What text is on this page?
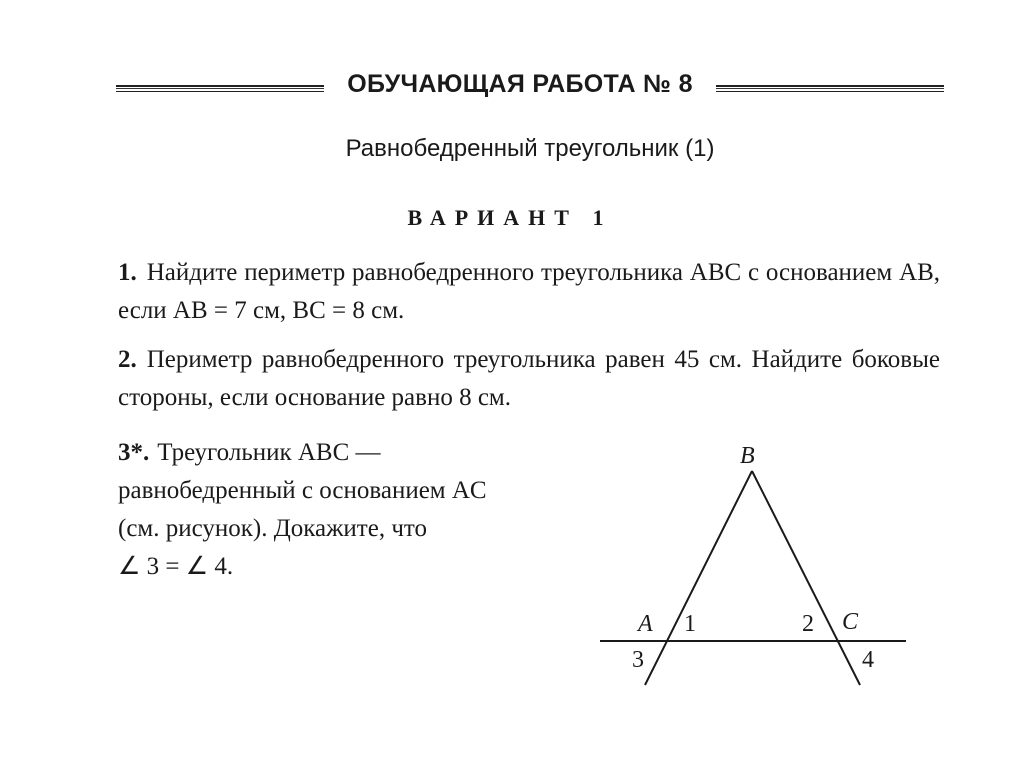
ОБУЧАЮЩАЯ РАБОТА № 8
Равнобедренный треугольник (1)
ВАРИАНТ 1
1. Найдите периметр равнобедренного треугольника ABC с основанием AB, если AB = 7 см, BC = 8 см.
2. Периметр равнобедренного треугольника равен 45 см. Найдите боковые стороны, если основание равно 8 см.
3*. Треугольник ABC —
равнобедренный с основанием AC
(см. рисунок). Докажите, что
∠ 3 = ∠ 4.
B
A 1	2 C
3	4
